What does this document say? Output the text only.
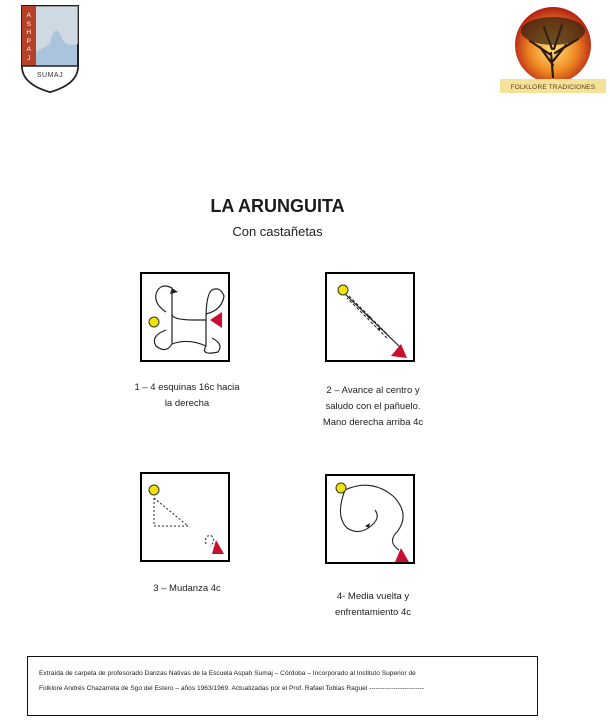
A
S
H
P
A
J
SUMAJ
FOLKLORE TRADICIONES
LA ARUNGUITA
Con castañetas
1 – 4 esquinas 16c hacia
la derecha
2 – Avance al centro y
saludo con el pañuelo.
Mano derecha arriba 4c
3 – Mudanza 4c
4- Media vuelta y
enfrentamiento 4c
Extraída de carpeta de profesorado Danzas Nativas de la Escuela Aspah Sumaj – Córdoba – Incorporado al Instituto Superior de
Folklore Andrés Chazarreta de Sgo del Estero – años 1963/1969. Actualizadas por el Prof. Rafael Tobias Raguel -------------------------
